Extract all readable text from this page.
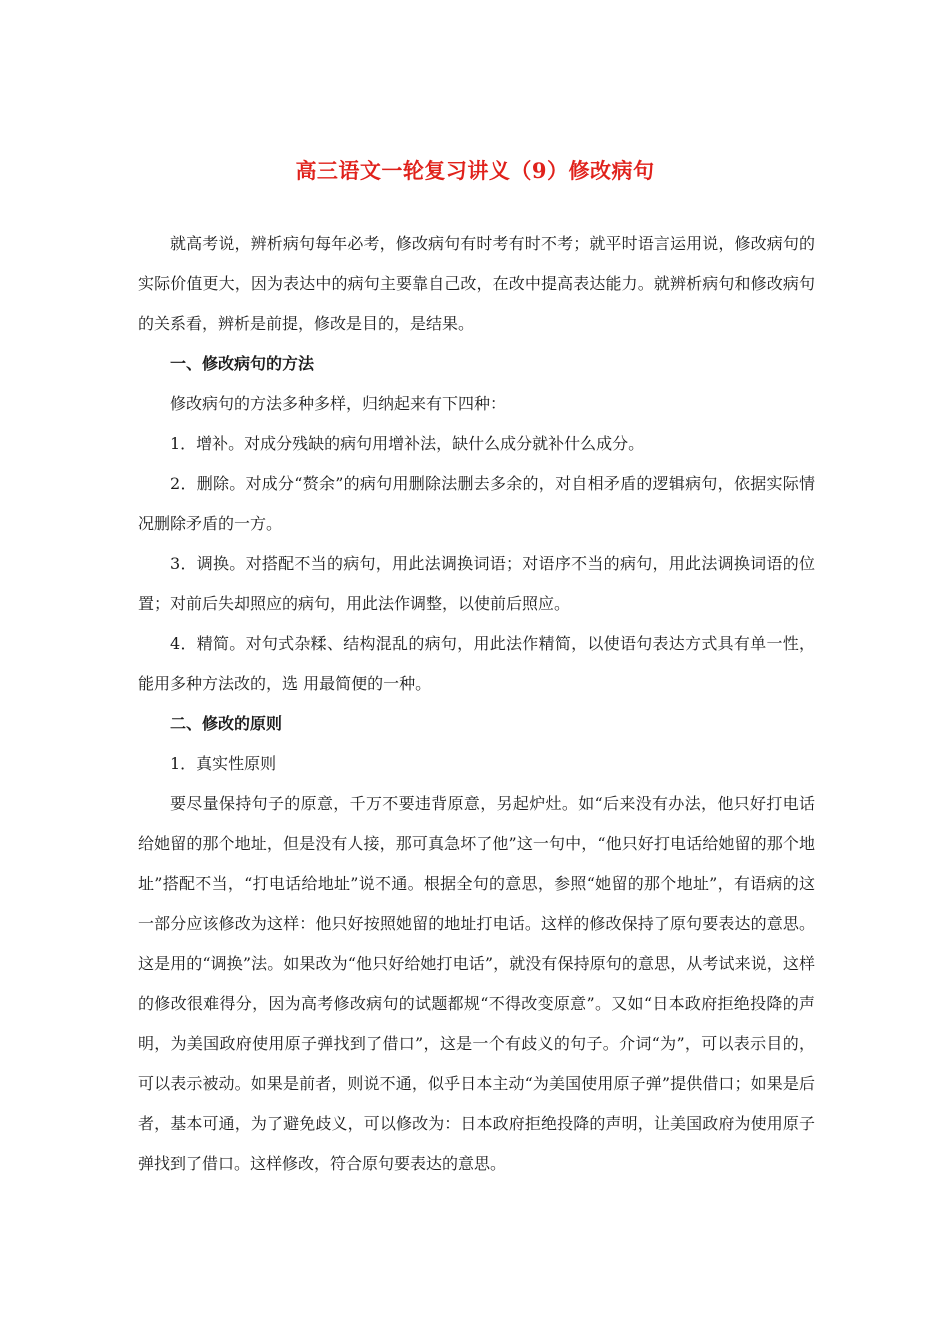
高三语文一轮复习讲义（9）修改病句

就高考说，辨析病句每年必考，修改病句有时考有时不考；就平时语言运用说，修改病句的实际价值更大，因为表达中的病句主要靠自己改，在改中提高表达能力。就辨析病句和修改病句的关系看，辨析是前提，修改是目的，是结果。

一、修改病句的方法

修改病句的方法多种多样，归纳起来有下四种：

1．增补。对成分残缺的病句用增补法，缺什么成分就补什么成分。

2．删除。对成分“赘余”的病句用删除法删去多余的，对自相矛盾的逻辑病句，依据实际情况删除矛盾的一方。

3．调换。对搭配不当的病句，用此法调换词语；对语序不当的病句，用此法调换词语的位置；对前后失却照应的病句，用此法作调整，以使前后照应。

4．精简。对句式杂糅、结构混乱的病句，用此法作精简，以使语句表达方式具有单一性，能用多种方法改的，选 用最简便的一种。

二、修改的原则

1．真实性原则

要尽量保持句子的原意，千万不要违背原意，另起炉灶。如“后来没有办法，他只好打电话给她留的那个地址，但是没有人接，那可真急坏了他”这一句中，“他只好打电话给她留的那个地址”搭配不当，“打电话给地址”说不通。根据全句的意思，参照“她留的那个地址”，有语病的这一部分应该修改为这样：他只好按照她留的地址打电话。这样的修改保持了原句要表达的意思。这是用的“调换”法。如果改为“他只好给她打电话”，就没有保持原句的意思，从考试来说，这样的修改很难得分，因为高考修改病句的试题都规“不得改变原意”。又如“日本政府拒绝投降的声明，为美国政府使用原子弹找到了借口”，这是一个有歧义的句子。介词“为”，可以表示目的，可以表示被动。如果是前者，则说不通，似乎日本主动“为美国使用原子弹”提供借口；如果是后者，基本可通，为了避免歧义，可以修改为：日本政府拒绝投降的声明，让美国政府为使用原子弹找到了借口。这样修改，符合原句要表达的意思。
